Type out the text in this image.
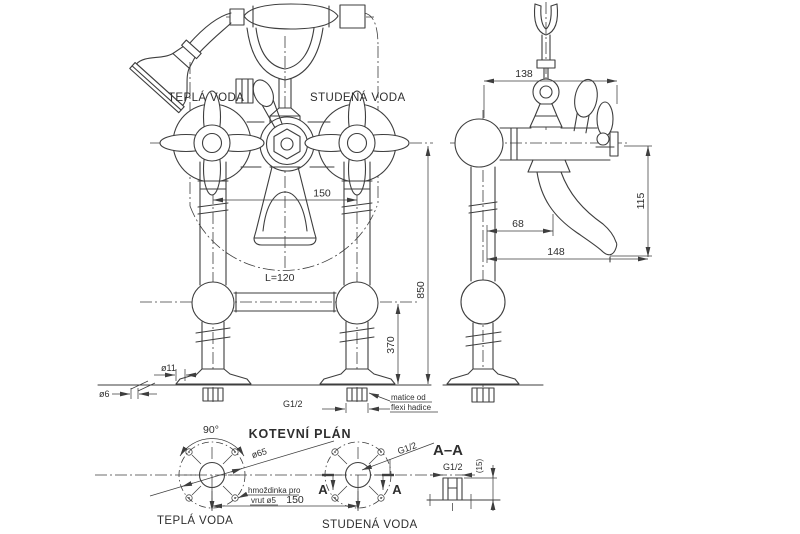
150
850
370
L=120
ø11
ø6
G1/2
matice od
flexi hadice
TEPLÁ VODA	STUDENÁ VODA
138
115
68
148
KOTEVNÍ PLÁN
90°
ø65
hmoždinka pro
vrut ø5
A	A
G1/2
150
TEPLÁ VODA	STUDENÁ VODA
A–A
G1/2 (15)
